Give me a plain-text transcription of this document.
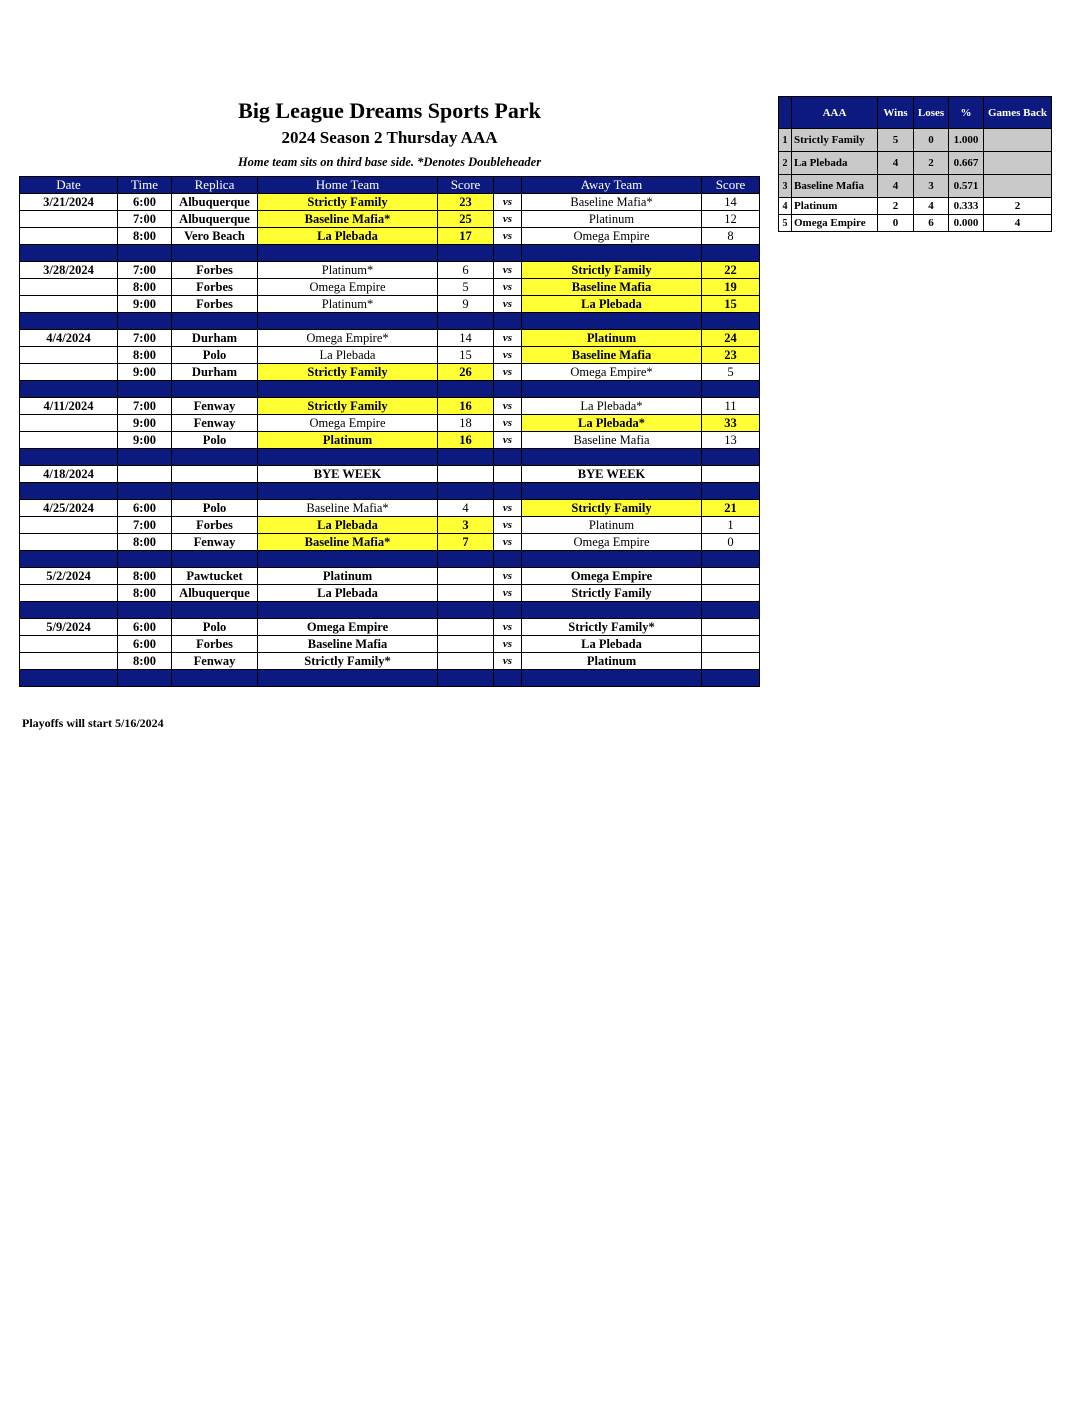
Big League Dreams Sports Park
2024 Season 2 Thursday AAA
Home team sits on third base side. *Denotes Doubleheader
Date	Time	Replica	Home Team	Score		Away Team	Score
3/21/2024	6:00	Albuquerque	Strictly Family	23	vs	Baseline Mafia*	14
	7:00	Albuquerque	Baseline Mafia*	25	vs	Platinum	12
	8:00	Vero Beach	La Plebada	17	vs	Omega Empire	8

3/28/2024	7:00	Forbes	Platinum*	6	vs	Strictly Family	22
	8:00	Forbes	Omega Empire	5	vs	Baseline Mafia	19
	9:00	Forbes	Platinum*	9	vs	La Plebada	15

4/4/2024	7:00	Durham	Omega Empire*	14	vs	Platinum	24
	8:00	Polo	La Plebada	15	vs	Baseline Mafia	23
	9:00	Durham	Strictly Family	26	vs	Omega Empire*	5

4/11/2024	7:00	Fenway	Strictly Family	16	vs	La Plebada*	11
	9:00	Fenway	Omega Empire	18	vs	La Plebada*	33
	9:00	Polo	Platinum	16	vs	Baseline Mafia	13

4/18/2024			BYE WEEK			BYE WEEK	

4/25/2024	6:00	Polo	Baseline Mafia*	4	vs	Strictly Family	21
	7:00	Forbes	La Plebada	3	vs	Platinum	1
	8:00	Fenway	Baseline Mafia*	7	vs	Omega Empire	0

5/2/2024	8:00	Pawtucket	Platinum		vs	Omega Empire	
	8:00	Albuquerque	La Plebada		vs	Strictly Family	

5/9/2024	6:00	Polo	Omega Empire		vs	Strictly Family*	
	6:00	Forbes	Baseline Mafia		vs	La Plebada	
	8:00	Fenway	Strictly Family*		vs	Platinum	

Playoffs will start 5/16/2024
	AAA	Wins	Loses	%	Games Back
1	Strictly Family	5	0	1.000	
2	La Plebada	4	2	0.667	
3	Baseline Mafia	4	3	0.571	
4	Platinum	2	4	0.333	2
5	Omega Empire	0	6	0.000	4
